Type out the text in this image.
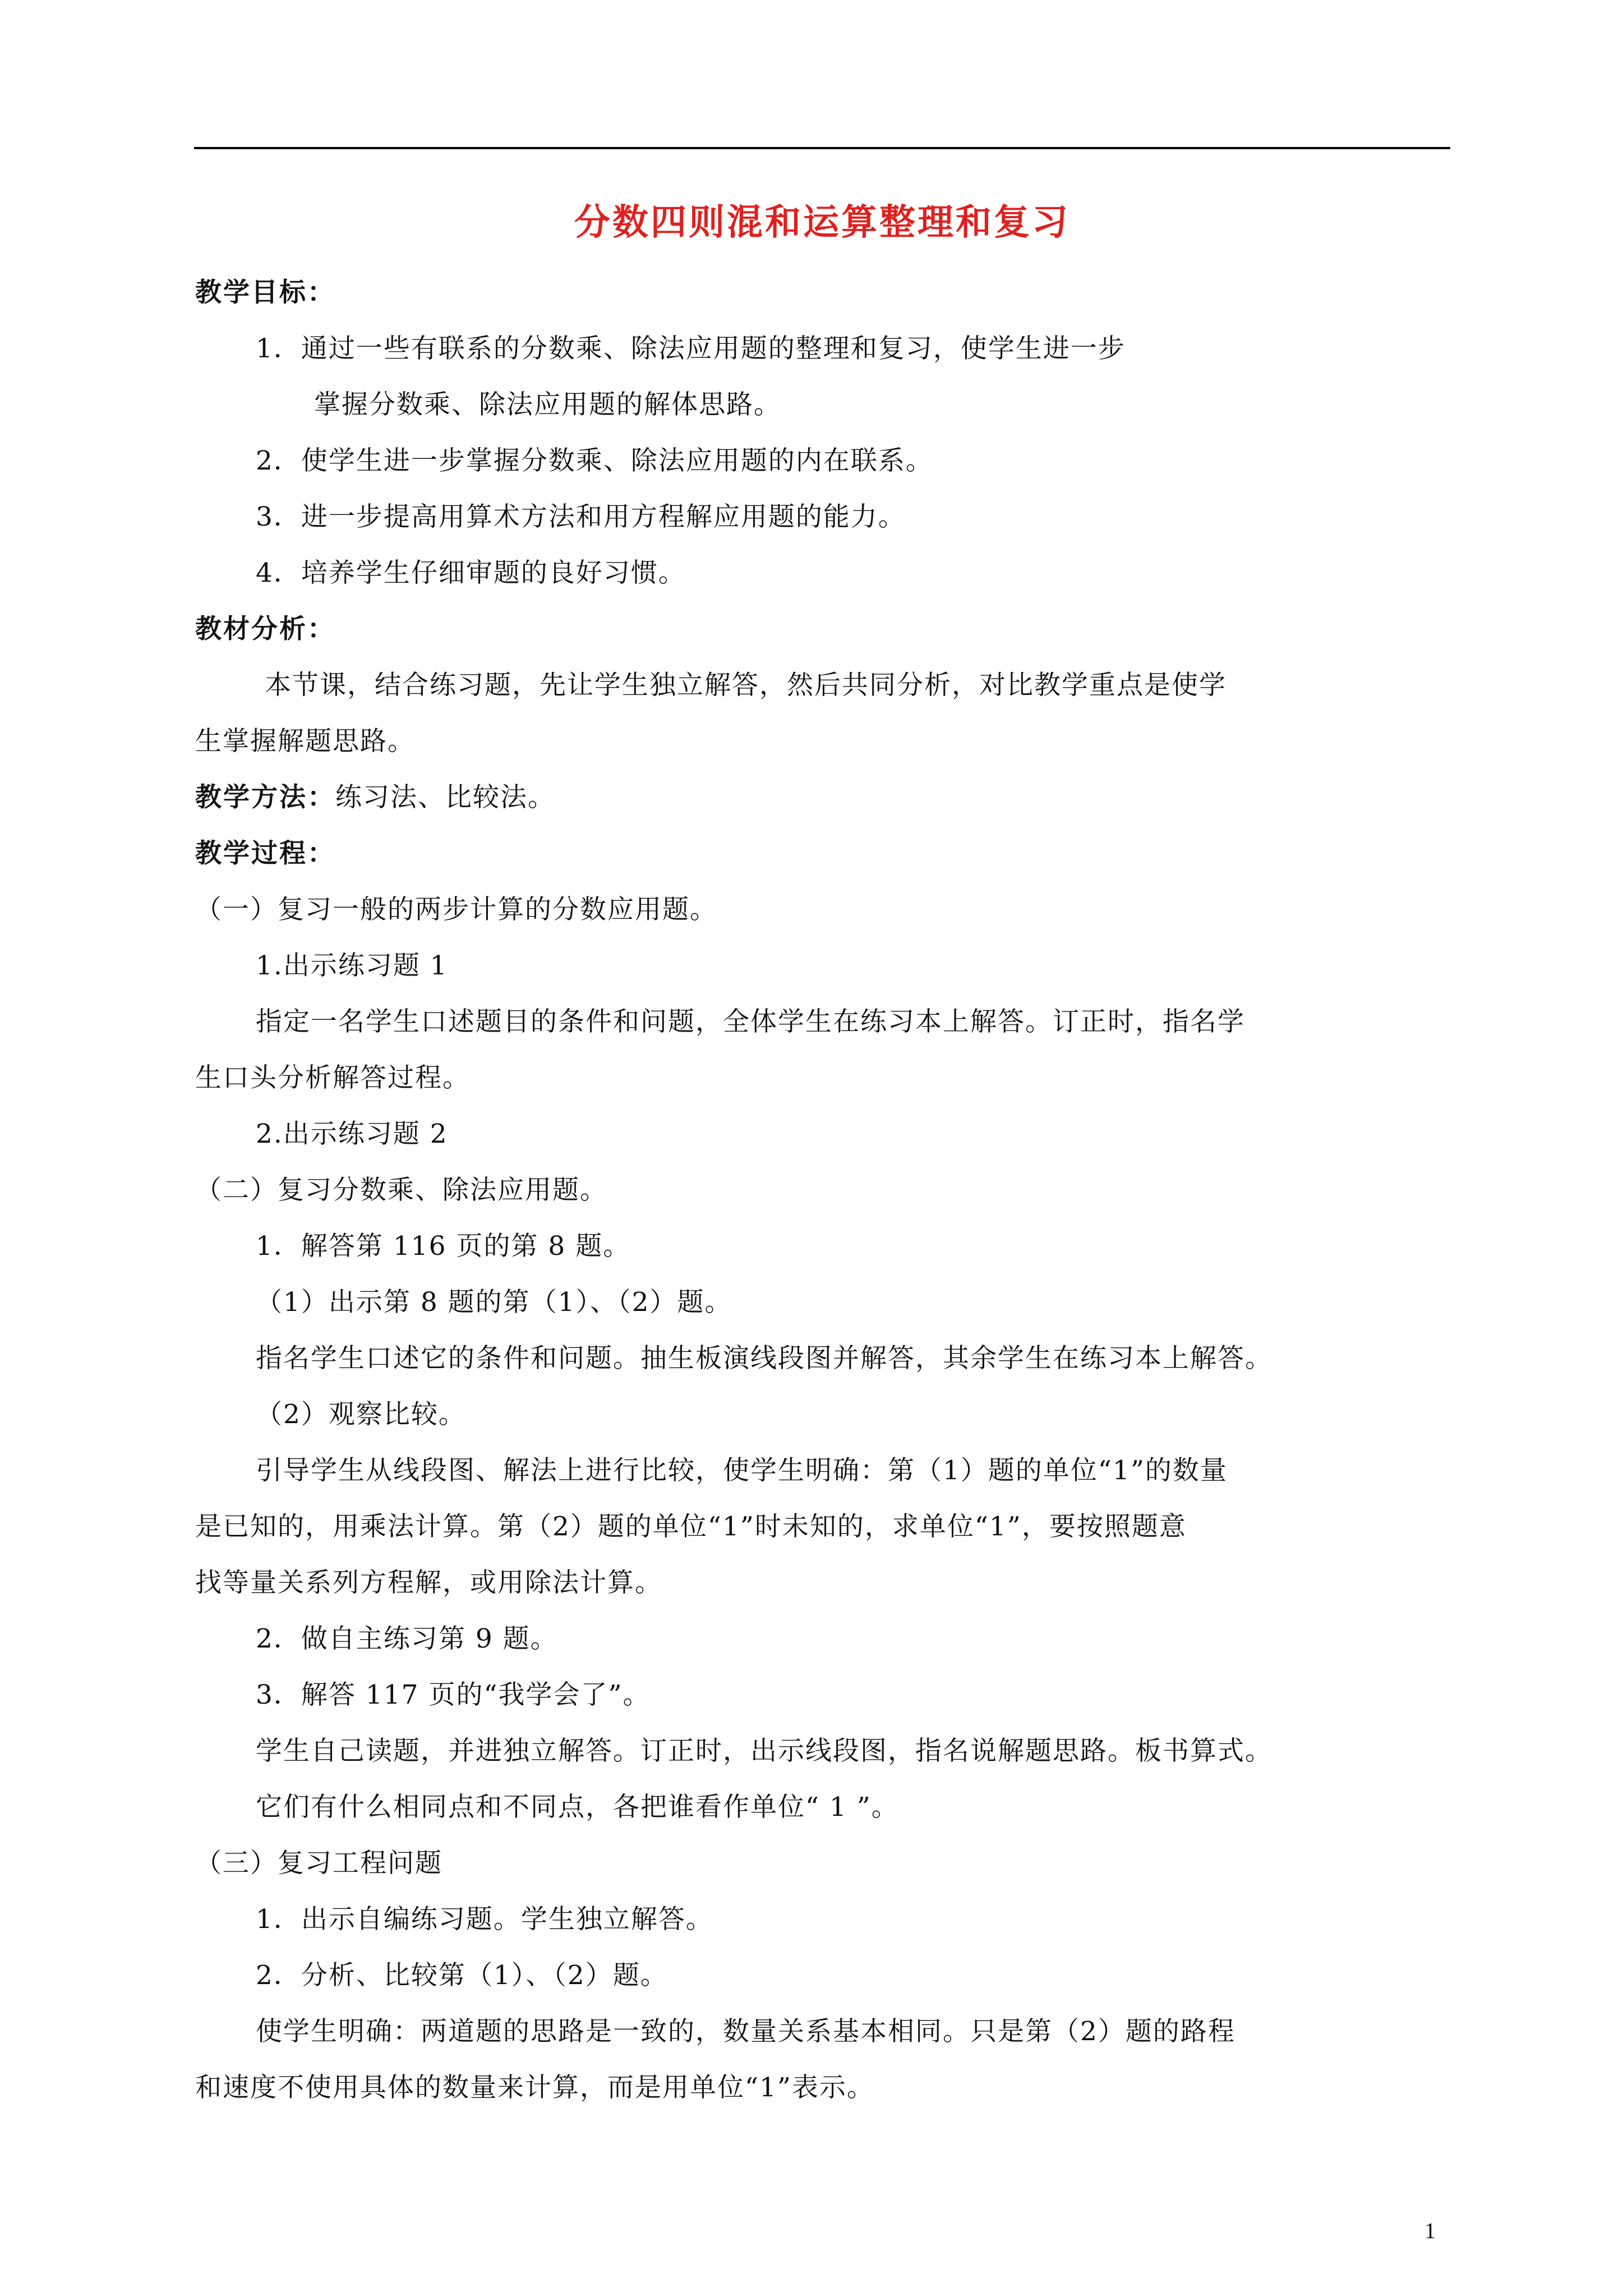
分数四则混和运算整理和复习
教学目标：
1．通过一些有联系的分数乘、除法应用题的整理和复习，使学生进一步
掌握分数乘、除法应用题的解体思路。
2．使学生进一步掌握分数乘、除法应用题的内在联系。
3．进一步提高用算术方法和用方程解应用题的能力。
4．培养学生仔细审题的良好习惯。
教材分析：
本节课，结合练习题，先让学生独立解答，然后共同分析，对比教学重点是使学
生掌握解题思路。
教学方法：练习法、比较法。
教学过程：
（一）复习一般的两步计算的分数应用题。
1.出示练习题 1
指定一名学生口述题目的条件和问题，全体学生在练习本上解答。订正时，指名学
生口头分析解答过程。
2.出示练习题 2
（二）复习分数乘、除法应用题。
1．解答第 116 页的第 8 题。
（1）出示第 8 题的第（1）、（2）题。
指名学生口述它的条件和问题。抽生板演线段图并解答，其余学生在练习本上解答。
（2）观察比较。
引导学生从线段图、解法上进行比较，使学生明确：第（1）题的单位“1”的数量
是已知的，用乘法计算。第（2）题的单位“1”时未知的，求单位“1”，要按照题意
找等量关系列方程解，或用除法计算。
2．做自主练习第 9 题。
3．解答 117 页的“我学会了”。
学生自己读题，并进独立解答。订正时，出示线段图，指名说解题思路。板书算式。
它们有什么相同点和不同点，各把谁看作单位“ 1 ”。
（三）复习工程问题
1．出示自编练习题。学生独立解答。
2．分析、比较第（1）、（2）题。
使学生明确：两道题的思路是一致的，数量关系基本相同。只是第（2）题的路程
和速度不使用具体的数量来计算，而是用单位“1”表示。
1
